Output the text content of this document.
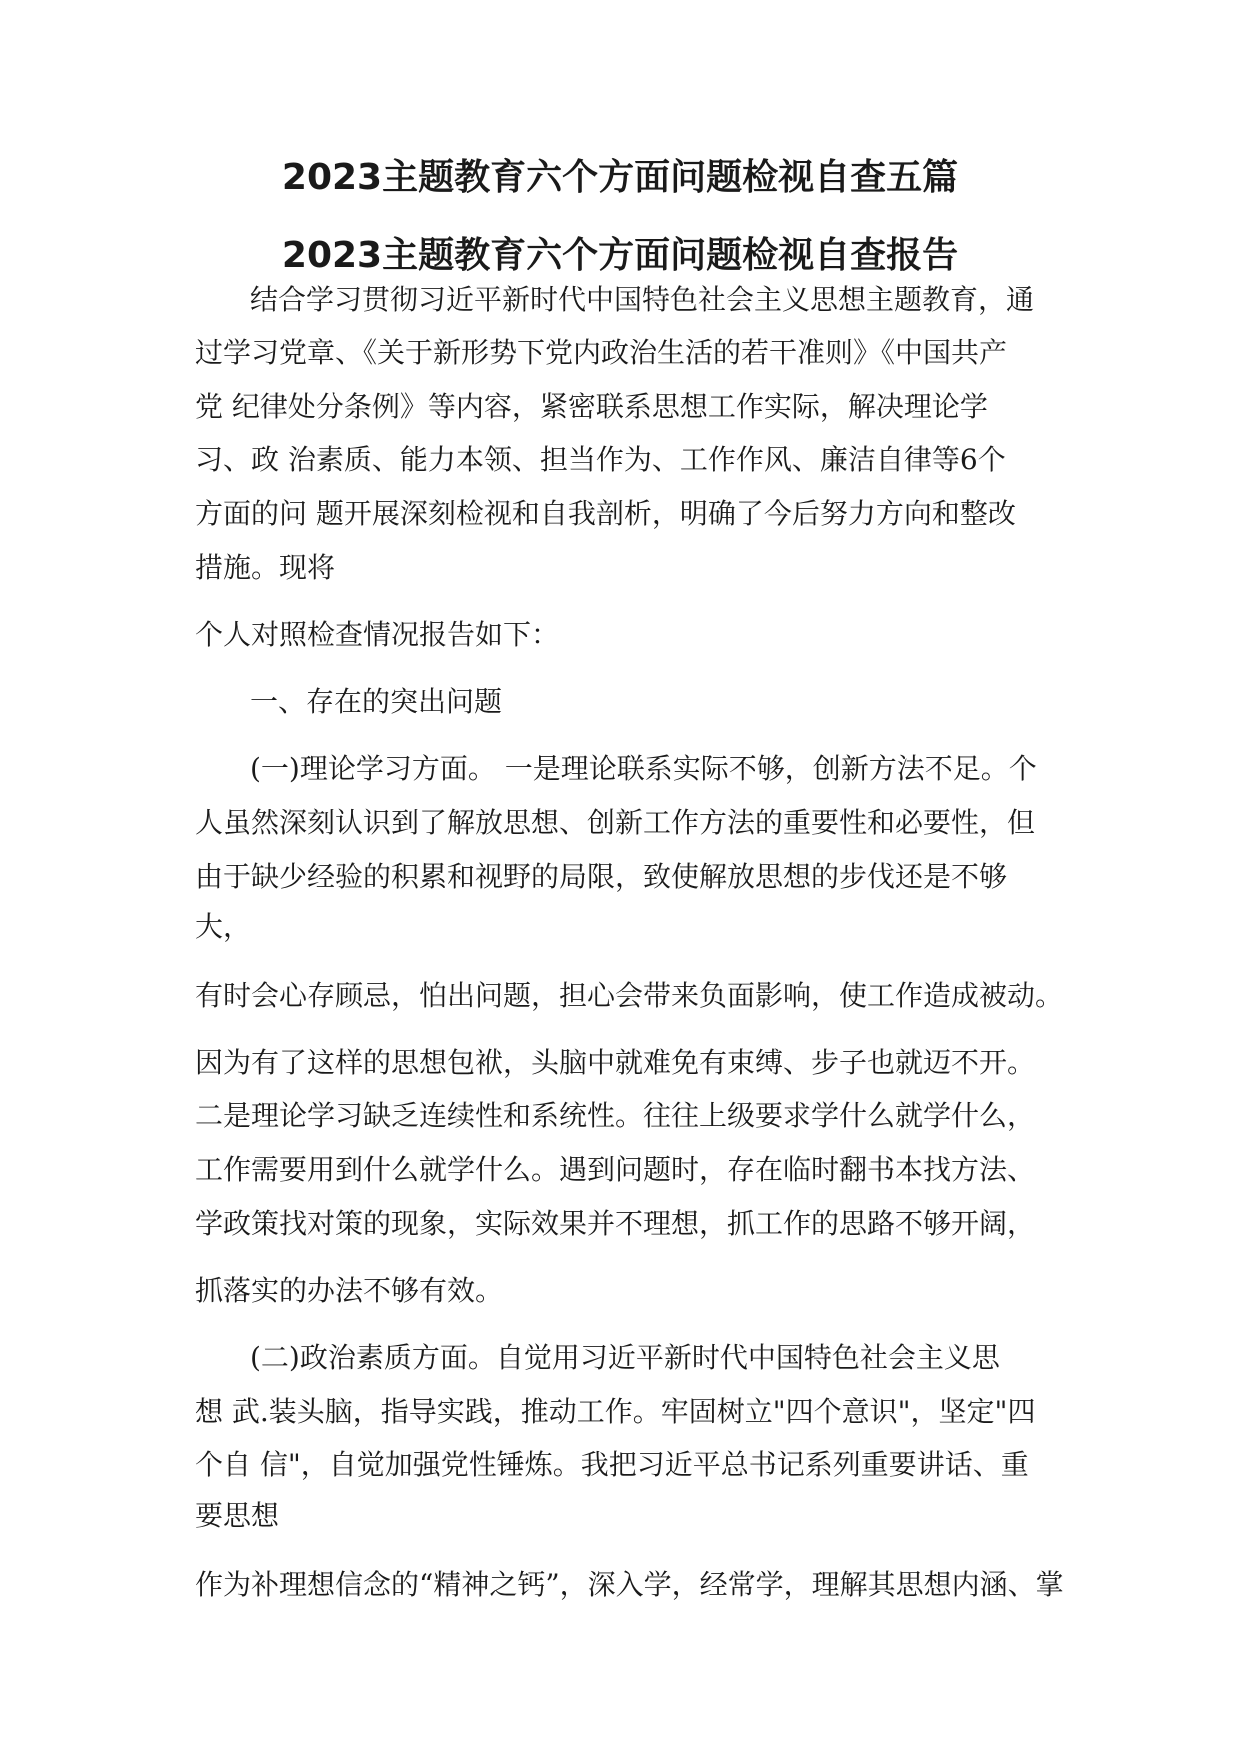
2023主题教育六个方面问题检视自查五篇
2023主题教育六个方面问题检视自查报告
结合学习贯彻习近平新时代中国特色社会主义思想主题教育，通
过学习党章、《关于新形势下党内政治生活的若干准则》《中国共产
党 纪律处分条例》等内容，紧密联系思想工作实际，解决理论学
习、政 治素质、能力本领、担当作为、工作作风、廉洁自律等6个
方面的问 题开展深刻检视和自我剖析，明确了今后努力方向和整改
措施。现将
个人对照检查情况报告如下：
一、存在的突出问题
(一)理论学习方面。 一是理论联系实际不够，创新方法不足。个
人虽然深刻认识到了解放思想、创新工作方法的重要性和必要性，但
由于缺少经验的积累和视野的局限，致使解放思想的步伐还是不够
大，
有时会心存顾忌，怕出问题，担心会带来负面影响，使工作造成被动。
因为有了这样的思想包袱，头脑中就难免有束缚、步子也就迈不开。
二是理论学习缺乏连续性和系统性。往往上级要求学什么就学什么，
工作需要用到什么就学什么。遇到问题时，存在临时翻书本找方法、
学政策找对策的现象，实际效果并不理想，抓工作的思路不够开阔，
抓落实的办法不够有效。
(二)政治素质方面。自觉用习近平新时代中国特色社会主义思
想 武.装头脑，指导实践，推动工作。牢固树立"四个意识"，坚定"四
个自 信"，自觉加强党性锤炼。我把习近平总书记系列重要讲话、重
要思想
作为补理想信念的“精神之钙”，深入学，经常学，理解其思想内涵、掌
